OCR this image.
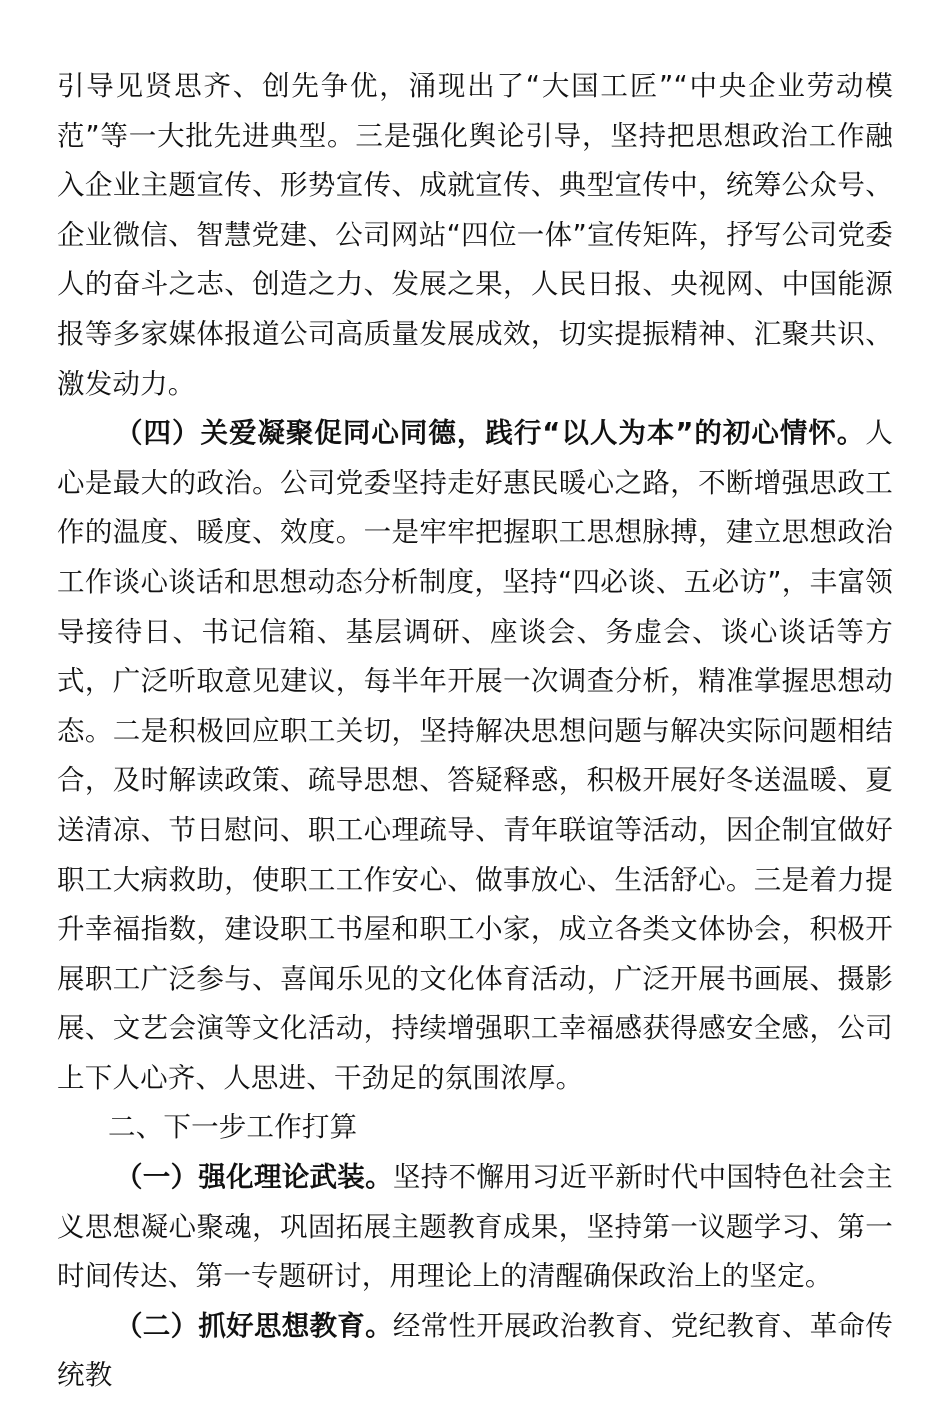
引导见贤思齐、创先争优，涌现出了“大国工匠”“中央企业劳动模范”等一大批先进典型。三是强化舆论引导，坚持把思想政治工作融入企业主题宣传、形势宣传、成就宣传、典型宣传中，统筹公众号、企业微信、智慧党建、公司网站“四位一体”宣传矩阵，抒写公司党委人的奋斗之志、创造之力、发展之果，人民日报、央视网、中国能源报等多家媒体报道公司高质量发展成效，切实提振精神、汇聚共识、激发动力。

（四）关爱凝聚促同心同德，践行“以人为本”的初心情怀。人心是最大的政治。公司党委坚持走好惠民暖心之路，不断增强思政工作的温度、暖度、效度。一是牢牢把握职工思想脉搏，建立思想政治工作谈心谈话和思想动态分析制度，坚持“四必谈、五必访”，丰富领导接待日、书记信箱、基层调研、座谈会、务虚会、谈心谈话等方式，广泛听取意见建议，每半年开展一次调查分析，精准掌握思想动态。二是积极回应职工关切，坚持解决思想问题与解决实际问题相结合，及时解读政策、疏导思想、答疑释惑，积极开展好冬送温暖、夏送清凉、节日慰问、职工心理疏导、青年联谊等活动，因企制宜做好职工大病救助，使职工工作安心、做事放心、生活舒心。三是着力提升幸福指数，建设职工书屋和职工小家，成立各类文体协会，积极开展职工广泛参与、喜闻乐见的文化体育活动，广泛开展书画展、摄影展、文艺会演等文化活动，持续增强职工幸福感获得感安全感，公司上下人心齐、人思进、干劲足的氛围浓厚。

二、下一步工作打算

（一）强化理论武装。坚持不懈用习近平新时代中国特色社会主义思想凝心聚魂，巩固拓展主题教育成果，坚持第一议题学习、第一时间传达、第一专题研讨，用理论上的清醒确保政治上的坚定。

（二）抓好思想教育。经常性开展政治教育、党纪教育、革命传统教
